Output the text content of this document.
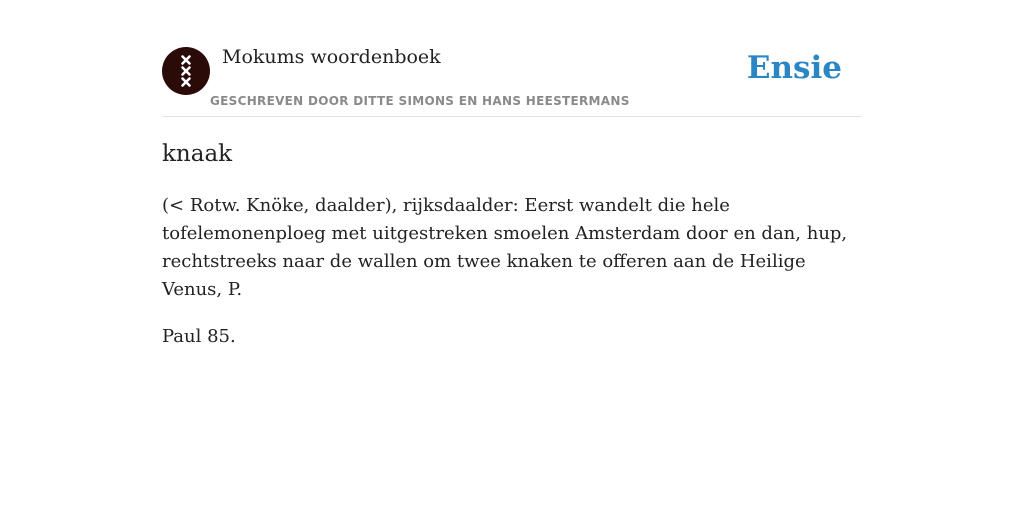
Mokums woordenboek
GESCHREVEN DOOR DITTE SIMONS EN HANS HEESTERMANS
Ensie
knaak

(< Rotw. Knöke, daalder), rijksdaalder: Eerst wandelt die hele tofelemonenploeg met uitgestreken smoelen Amsterdam door en dan, hup, rechtstreeks naar de wallen om twee knaken te offeren aan de Heilige Venus, P.

Paul 85.
